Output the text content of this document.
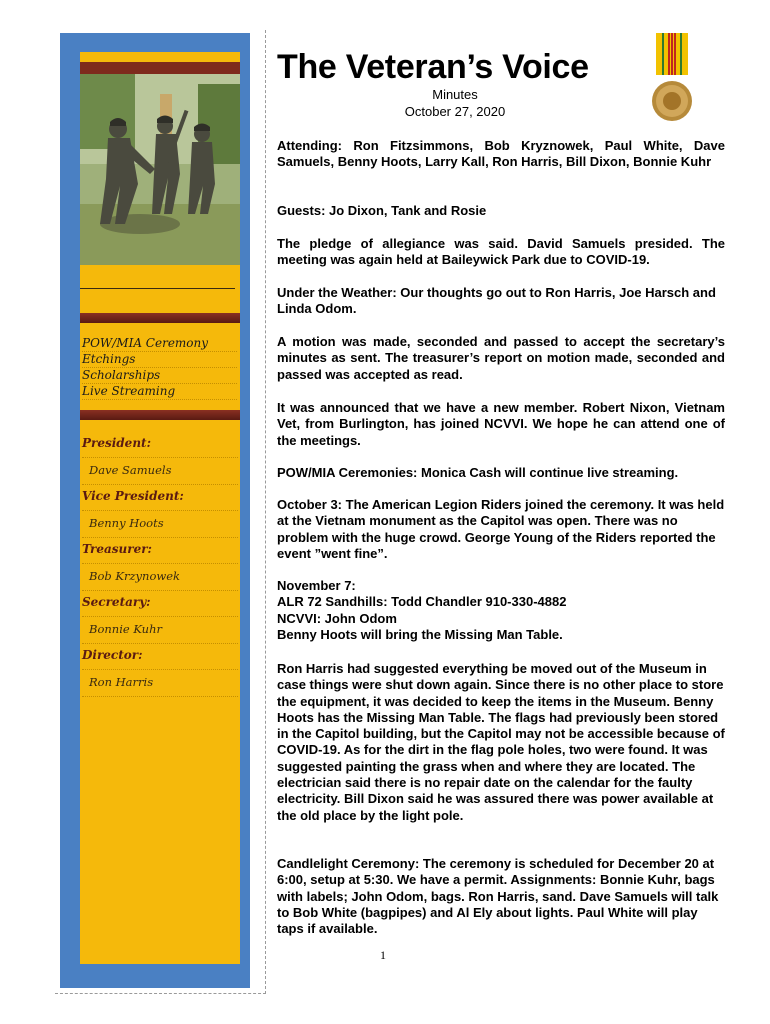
POW/MIA Ceremony
Etchings
Scholarships
Live Streaming
President:
Dave Samuels
Vice President:
Benny Hoots
Treasurer:
Bob Krzynowek
Secretary:
Bonnie Kuhr
Director:
Ron Harris
The Veteran’s Voice
Minutes
October 27, 2020
Attending: Ron Fitzsimmons, Bob Kryznowek, Paul White, Dave Samuels, Benny Hoots, Larry Kall, Ron Harris, Bill Dixon, Bonnie Kuhr
Guests: Jo Dixon, Tank and Rosie
The pledge of allegiance was said. David Samuels presided. The meeting was again held at Baileywick Park due to COVID-19.
Under the Weather: Our thoughts go out to Ron Harris, Joe Harsch and Linda Odom.
A motion was made, seconded and passed to accept the secretary’s minutes as sent. The treasurer’s report on motion made, seconded and passed was accepted as read.
It was announced that we have a new member. Robert Nixon, Vietnam Vet, from Burlington, has joined NCVVI. We hope he can attend one of the meetings.
POW/MIA Ceremonies: Monica Cash will continue live streaming.
October 3: The American Legion Riders joined the ceremony. It was held at the Vietnam monument as the Capitol was open. There was no problem with the huge crowd. George Young of the Riders reported the event ”went fine”.
November 7:
ALR 72 Sandhills: Todd Chandler 910-330-4882
NCVVI: John Odom
Benny Hoots will bring the Missing Man Table.
Ron Harris had suggested everything be moved out of the Museum in case things were shut down again. Since there is no other place to store the equipment, it was decided to keep the items in the Museum. Benny Hoots has the Missing Man Table. The flags had previously been stored in the Capitol building, but the Capitol may not be accessible because of COVID-19. As for the dirt in the flag pole holes, two were found. It was suggested painting the grass when and where they are located. The electrician said there is no repair date on the calendar for the faulty electricity. Bill Dixon said he was assured there was power available at the old place by the light pole.
Candlelight Ceremony: The ceremony is scheduled for December 20 at 6:00, setup at 5:30. We have a permit. Assignments: Bonnie Kuhr, bags with labels; John Odom, bags. Ron Harris, sand. Dave Samuels will talk to Bob White (bagpipes) and Al Ely about lights. Paul White will play taps if available.
1
